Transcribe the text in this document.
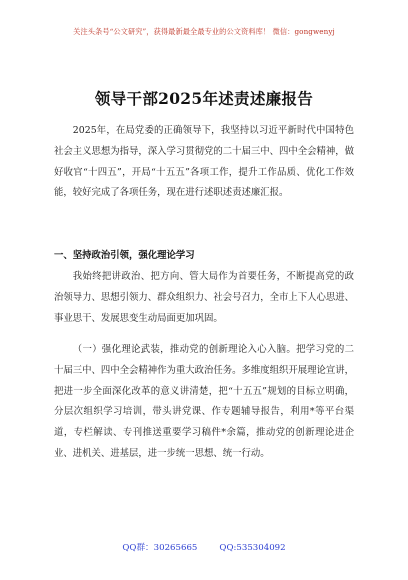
关注头条号“公文研究”，获得最新最全最专业的公文资料库！ 微信：gongwenyj
领导干部2025年述责述廉报告

2025年，在局党委的正确领导下，我坚持以习近平新时代中国特色社会主义思想为指导，深入学习贯彻党的二十届三中、四中全会精神，做好收官“十四五”，开局“十五五”各项工作，提升工作品质、优化工作效能，较好完成了各项任务，现在进行述职述责述廉汇报。

一、坚持政治引领，强化理论学习

我始终把讲政治、把方向、管大局作为首要任务，不断提高党的政治领导力、思想引领力、群众组织力、社会号召力，全市上下人心思进、事业思干、发展思变生动局面更加巩固。

（一）强化理论武装，推动党的创新理论入心入脑。把学习党的二十届三中、四中全会精神作为重大政治任务。多维度组织开展理论宣讲，把进一步全面深化改革的意义讲清楚，把“十五五”规划的目标立明确，分层次组织学习培训，带头讲党课、作专题辅导报告，利用*等平台渠道，专栏解读、专刊推送重要学习稿件*余篇，推动党的创新理论进企业、进机关、进基层，进一步统一思想、统一行动。

QQ群：30265665	QQ:535304092
